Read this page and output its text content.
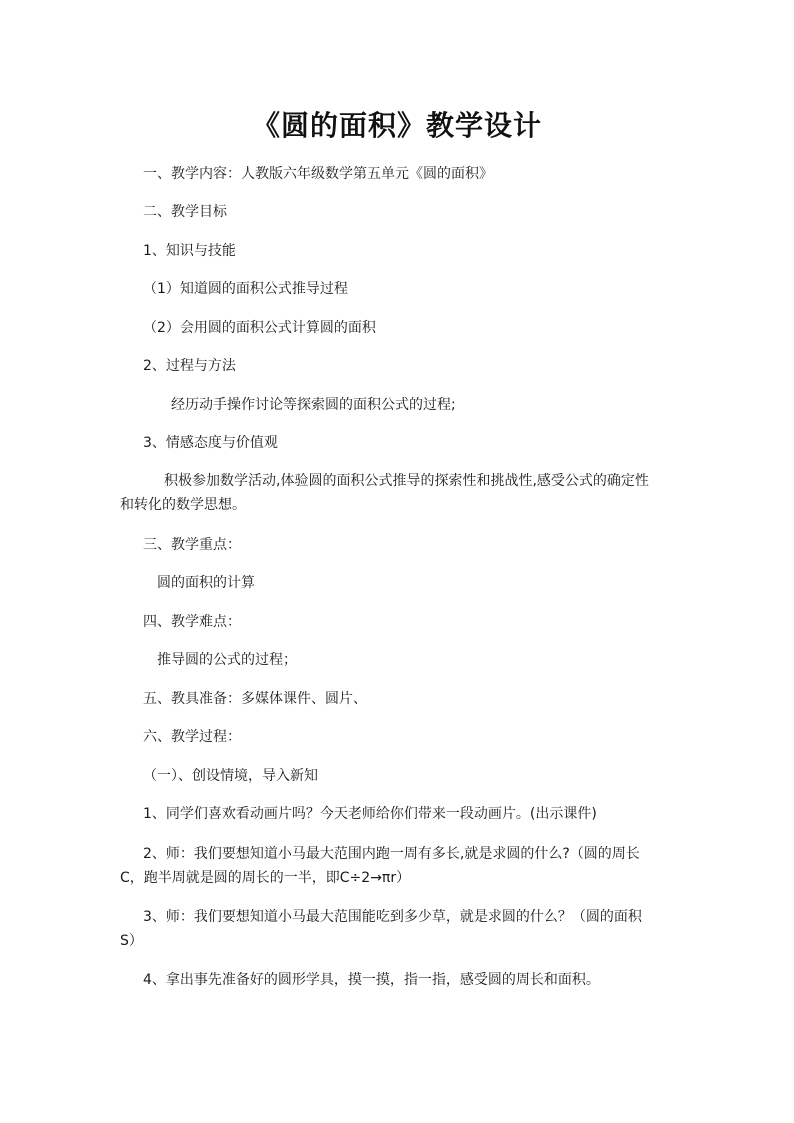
《圆的面积》教学设计
一、教学内容：人教版六年级数学第五单元《圆的面积》
二、教学目标
1、知识与技能
（1）知道圆的面积公式推导过程
（2）会用圆的面积公式计算圆的面积
2、过程与方法
经历动手操作讨论等探索圆的面积公式的过程;
3、情感态度与价值观
积极参加数学活动,体验圆的面积公式推导的探索性和挑战性,感受公式的确定性
和转化的数学思想。
三、教学重点：
圆的面积的计算
四、教学难点：
推导圆的公式的过程；
五、教具准备：多媒体课件、圆片、
六、教学过程：
（一）、创设情境，导入新知
1、同学们喜欢看动画片吗？今天老师给你们带来一段动画片。(出示课件)
2、师：我们要想知道小马最大范围内跑一周有多长,就是求圆的什么?（圆的周长
C，跑半周就是圆的周长的一半，即C÷2→πr）
3、师：我们要想知道小马最大范围能吃到多少草，就是求圆的什么？（圆的面积
S）
4、拿出事先准备好的圆形学具，摸一摸，指一指，感受圆的周长和面积。
